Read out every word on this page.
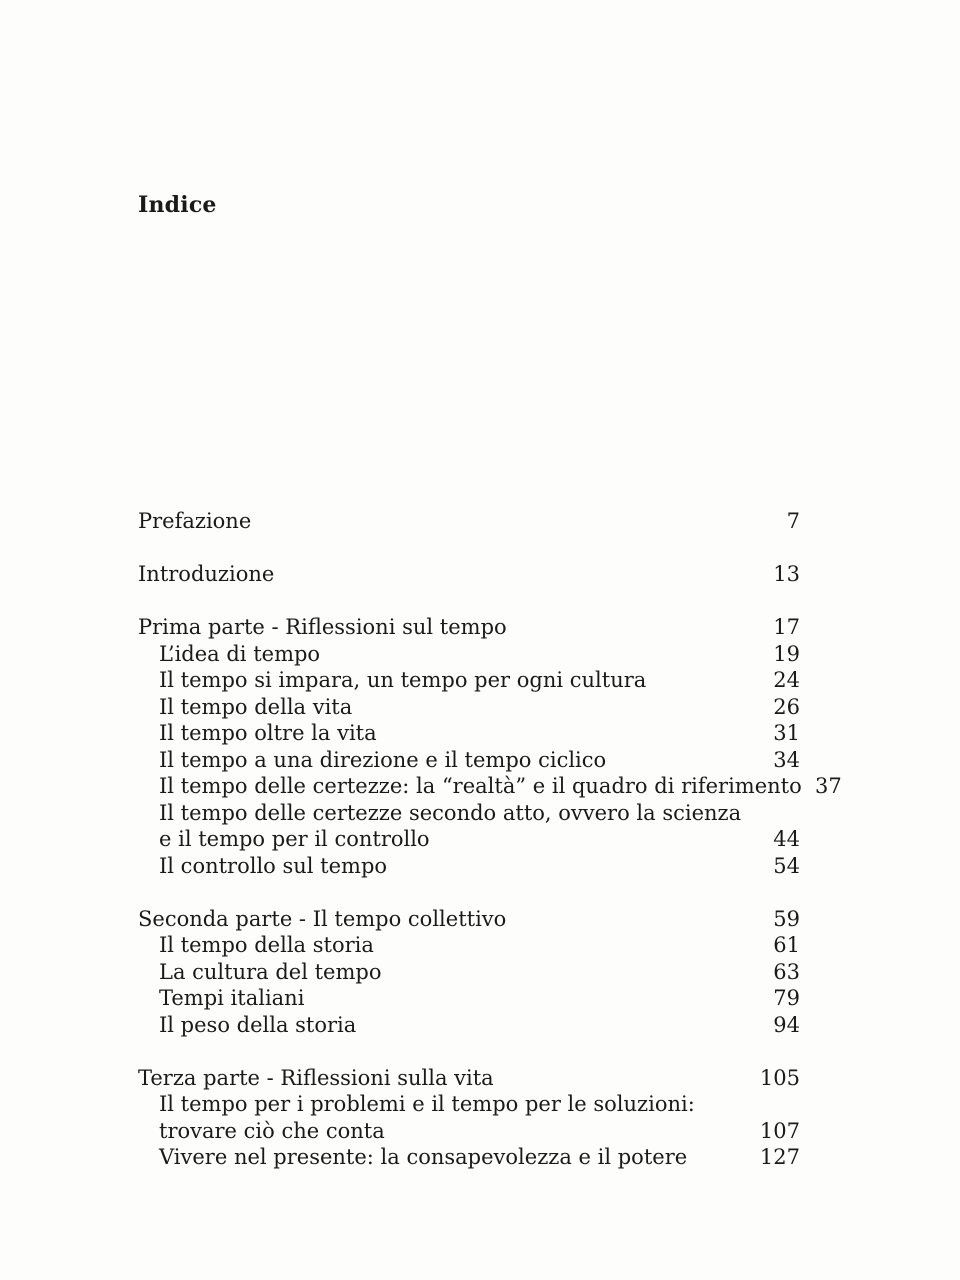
Indice
Prefazione	7
Introduzione	13
Prima parte - Riflessioni sul tempo	17
L’idea di tempo	19
Il tempo si impara, un tempo per ogni cultura	24
Il tempo della vita	26
Il tempo oltre la vita	31
Il tempo a una direzione e il tempo ciclico	34
Il tempo delle certezze: la “realtà” e il quadro di riferimento 37
Il tempo delle certezze secondo atto, ovvero la scienza
e il tempo per il controllo	44
Il controllo sul tempo	54
Seconda parte - Il tempo collettivo	59
Il tempo della storia	61
La cultura del tempo	63
Tempi italiani	79
Il peso della storia	94
Terza parte - Riflessioni sulla vita	105
Il tempo per i problemi e il tempo per le soluzioni:
trovare ciò che conta	107
Vivere nel presente: la consapevolezza e il potere	127
